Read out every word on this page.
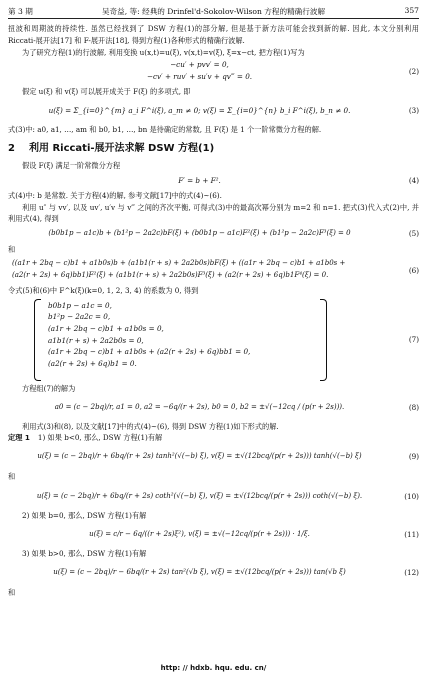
第 3 期	吴奇益, 等: 经典的 Drinfel'd-Sokolov-Wilson 方程的精确行波解	357

扭波和周期波的持续性. 虽然已经找到了 DSW 方程(1)的部分解, 但是基于新方法可能会找到新的解. 因此, 本文分别利用 Riccati-展开法[17] 和 F-展开法[18], 得到方程(1)各种形式的精确行波解.

为了研究方程(1)的行波解, 利用变换 u(x,t)=u(ξ), v(x,t)=v(ξ), ξ=x−ct, 把方程(1)写为

−cu′ + pvv′ = 0,
−cv′ + ruv′ + su′v + qv‴ = 0.
(2)

假定 u(ξ) 和 v(ξ) 可以展开成关于 F(ξ) 的多项式, 即

u(ξ) = Σ_{i=0}^{m} a_i F^i(ξ), a_m ≠ 0; v(ξ) = Σ_{i=0}^{n} b_i F^i(ξ), b_n ≠ 0.	(3)

式(3)中: a0, a1, …, am 和 b0, b1, …, bn 是待确定的常数, 且 F(ξ) 是 1 个一阶常微分方程的解.

2 利用 Riccati-展开法求解 DSW 方程(1)

假设 F(ξ) 满足一阶常微分方程

F′ = b + F².	(4)

式(4)中: b 是常数. 关于方程(4)的解, 参考文献[17]中的式(4)~(6).

利用 u″ 与 vv′, 以及 uv′, u′v 与 v‴ 之间的齐次平衡, 可得式(3)中的最高次幂分别为 m=2 和 n=1. 把式(3)代入式(2)中, 并利用式(4), 得到

(b0b1p − a1c)b + (b1²p − 2a2c)bF(ξ) + (b0b1p − a1c)F²(ξ) + (b1²p − 2a2c)F³(ξ) = 0	(5)
和
((a1r + 2bq − c)b1 + a1b0s)b + (a1b1(r + s) + 2a2b0s)bF(ξ) + ((a1r + 2bq − c)b1 + a1b0s +
(a2(r + 2s) + 6q)bb1)F²(ξ) + (a1b1(r + s) + 2a2b0s)F³(ξ) + (a2(r + 2s) + 6q)b1F⁴(ξ) = 0.	(6)

令式(5)和(6)中 F^k(ξ)(k=0, 1, 2, 3, 4) 的系数为 0, 得到

b0b1p − a1c = 0,
b1²p − 2a2c = 0,
(a1r + 2bq − c)b1 + a1b0s = 0,
a1b1(r + s) + 2a2b0s = 0,
(a1r + 2bq − c)b1 + a1b0s + (a2(r + 2s) + 6q)bb1 = 0,
(a2(r + 2s) + 6q)b1 = 0.
(7)

方程组(7)的解为

a0 = (c − 2bq)/r, a1 = 0, a2 = −6q/(r + 2s), b0 = 0, b2 = ±√(−12cq / (p(r + 2s))).	(8)

利用式(3)和(8), 以及文献[17]中的式(4)~(6), 得到 DSW 方程(1)如下形式的解.

定理 1 1) 如果 b<0, 那么, DSW 方程(1)有解

u(ξ) = (c − 2bq)/r + 6bq/(r + 2s) tanh²(√(−b) ξ), v(ξ) = ±√(12bcq/(p(r + 2s))) tanh(√(−b) ξ)	(9)
和
u(ξ) = (c − 2bq)/r + 6bq/(r + 2s) coth²(√(−b) ξ), v(ξ) = ±√(12bcq/(p(r + 2s))) coth(√(−b) ξ).	(10)

2) 如果 b=0, 那么, DSW 方程(1)有解

u(ξ) = c/r − 6q/((r + 2s)ξ²), v(ξ) = ±√(−12cq/(p(r + 2s))) · 1/ξ.	(11)

3) 如果 b>0, 那么, DSW 方程(1)有解

u(ξ) = (c − 2bq)/r − 6bq/(r + 2s) tan²(√b ξ), v(ξ) = ±√(12bcq/(p(r + 2s))) tan(√b ξ)	(12)
和
http: // hdxb. hqu. edu. cn/
